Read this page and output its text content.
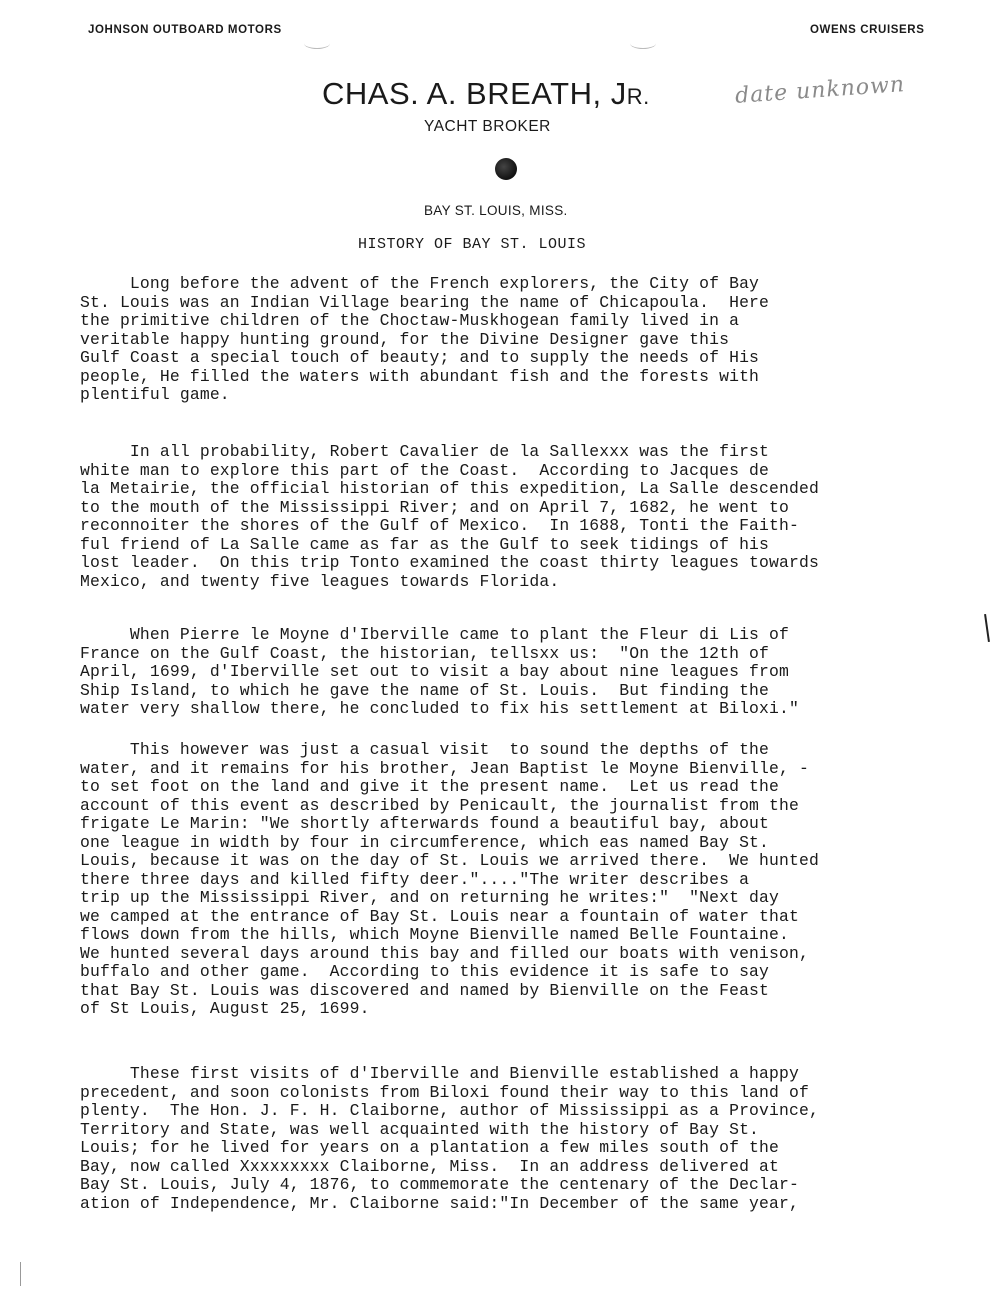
JOHNSON OUTBOARD MOTORS	OWENS CRUISERS
CHAS. A. BREATH, JR.
YACHT BROKER
date unknown
BAY ST. LOUIS, MISS.
HISTORY OF BAY ST. LOUIS
Long before the advent of the French explorers, the City of Bay
St. Louis was an Indian Village bearing the name of Chicapoula.  Here
the primitive children of the Choctaw-Muskhogean family lived in a
veritable happy hunting ground, for the Divine Designer gave this
Gulf Coast a special touch of beauty; and to supply the needs of His
people, He filled the waters with abundant fish and the forests with
plentiful game.
In all probability, Robert Cavalier de la Sallexxx was the first
white man to explore this part of the Coast.  According to Jacques de
la Metairie, the official historian of this expedition, La Salle descended
to the mouth of the Mississippi River; and on April 7, 1682, he went to
reconnoiter the shores of the Gulf of Mexico.  In 1688, Tonti the Faith-
ful friend of La Salle came as far as the Gulf to seek tidings of his
lost leader.  On this trip Tonto examined the coast thirty leagues towards
Mexico, and twenty five leagues towards Florida.
When Pierre le Moyne d'Iberville came to plant the Fleur di Lis of
France on the Gulf Coast, the historian, tellsxx us:  "On the 12th of
April, 1699, d'Iberville set out to visit a bay about nine leagues from
Ship Island, to which he gave the name of St. Louis.  But finding the
water very shallow there, he concluded to fix his settlement at Biloxi."
This however was just a casual visit  to sound the depths of the
water, and it remains for his brother, Jean Baptist le Moyne Bienville, -
to set foot on the land and give it the present name.  Let us read the
account of this event as described by Penicault, the journalist from the
frigate Le Marin: "We shortly afterwards found a beautiful bay, about
one league in width by four in circumference, which eas named Bay St.
Louis, because it was on the day of St. Louis we arrived there.  We hunted
there three days and killed fifty deer."...."The writer describes a
trip up the Mississippi River, and on returning he writes:"  "Next day
we camped at the entrance of Bay St. Louis near a fountain of water that
flows down from the hills, which Moyne Bienville named Belle Fountaine.
We hunted several days around this bay and filled our boats with venison,
buffalo and other game.  According to this evidence it is safe to say
that Bay St. Louis was discovered and named by Bienville on the Feast
of St Louis, August 25, 1699.
These first visits of d'Iberville and Bienville established a happy
precedent, and soon colonists from Biloxi found their way to this land of
plenty.  The Hon. J. F. H. Claiborne, author of Mississippi as a Province,
Territory and State, was well acquainted with the history of Bay St.
Louis; for he lived for years on a plantation a few miles south of the
Bay, now called Xxxxxxxxx Claiborne, Miss.  In an address delivered at
Bay St. Louis, July 4, 1876, to commemorate the centenary of the Declar-
ation of Independence, Mr. Claiborne said:"In December of the same year,
